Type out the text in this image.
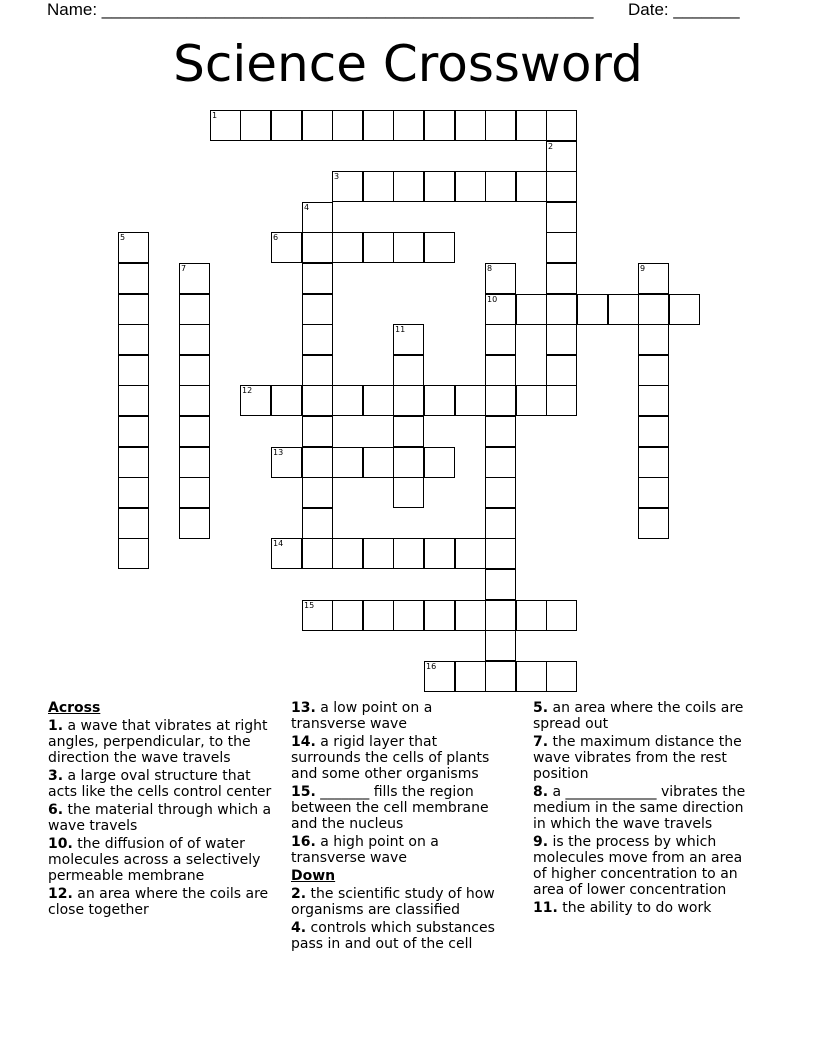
Name: ____________________________________________________ Date: _______
Science Crossword
1
2
3
4
5	6
7	8
10
9
11
12
13
14
15
16
Across
1. a wave that vibrates at right angles, perpendicular, to the direction the wave travels
3. a large oval structure that acts like the cells control center
6. the material through which a wave travels
10. the diffusion of of water molecules across a selectively permeable membrane
12. an area where the coils are close together
13. a low point on a transverse wave
14. a rigid layer that surrounds the cells of plants and some other organisms
15. _______ fills the region between the cell membrane and the nucleus
16. a high point on a transverse wave
Down
2. the scientific study of how organisms are classified
4. controls which substances pass in and out of the cell
5. an area where the coils are spread out
7. the maximum distance the wave vibrates from the rest position
8. a _____________ vibrates the medium in the same direction in which the wave travels
9. is the process by which molecules move from an area of higher concentration to an area of lower concentration
11. the ability to do work
